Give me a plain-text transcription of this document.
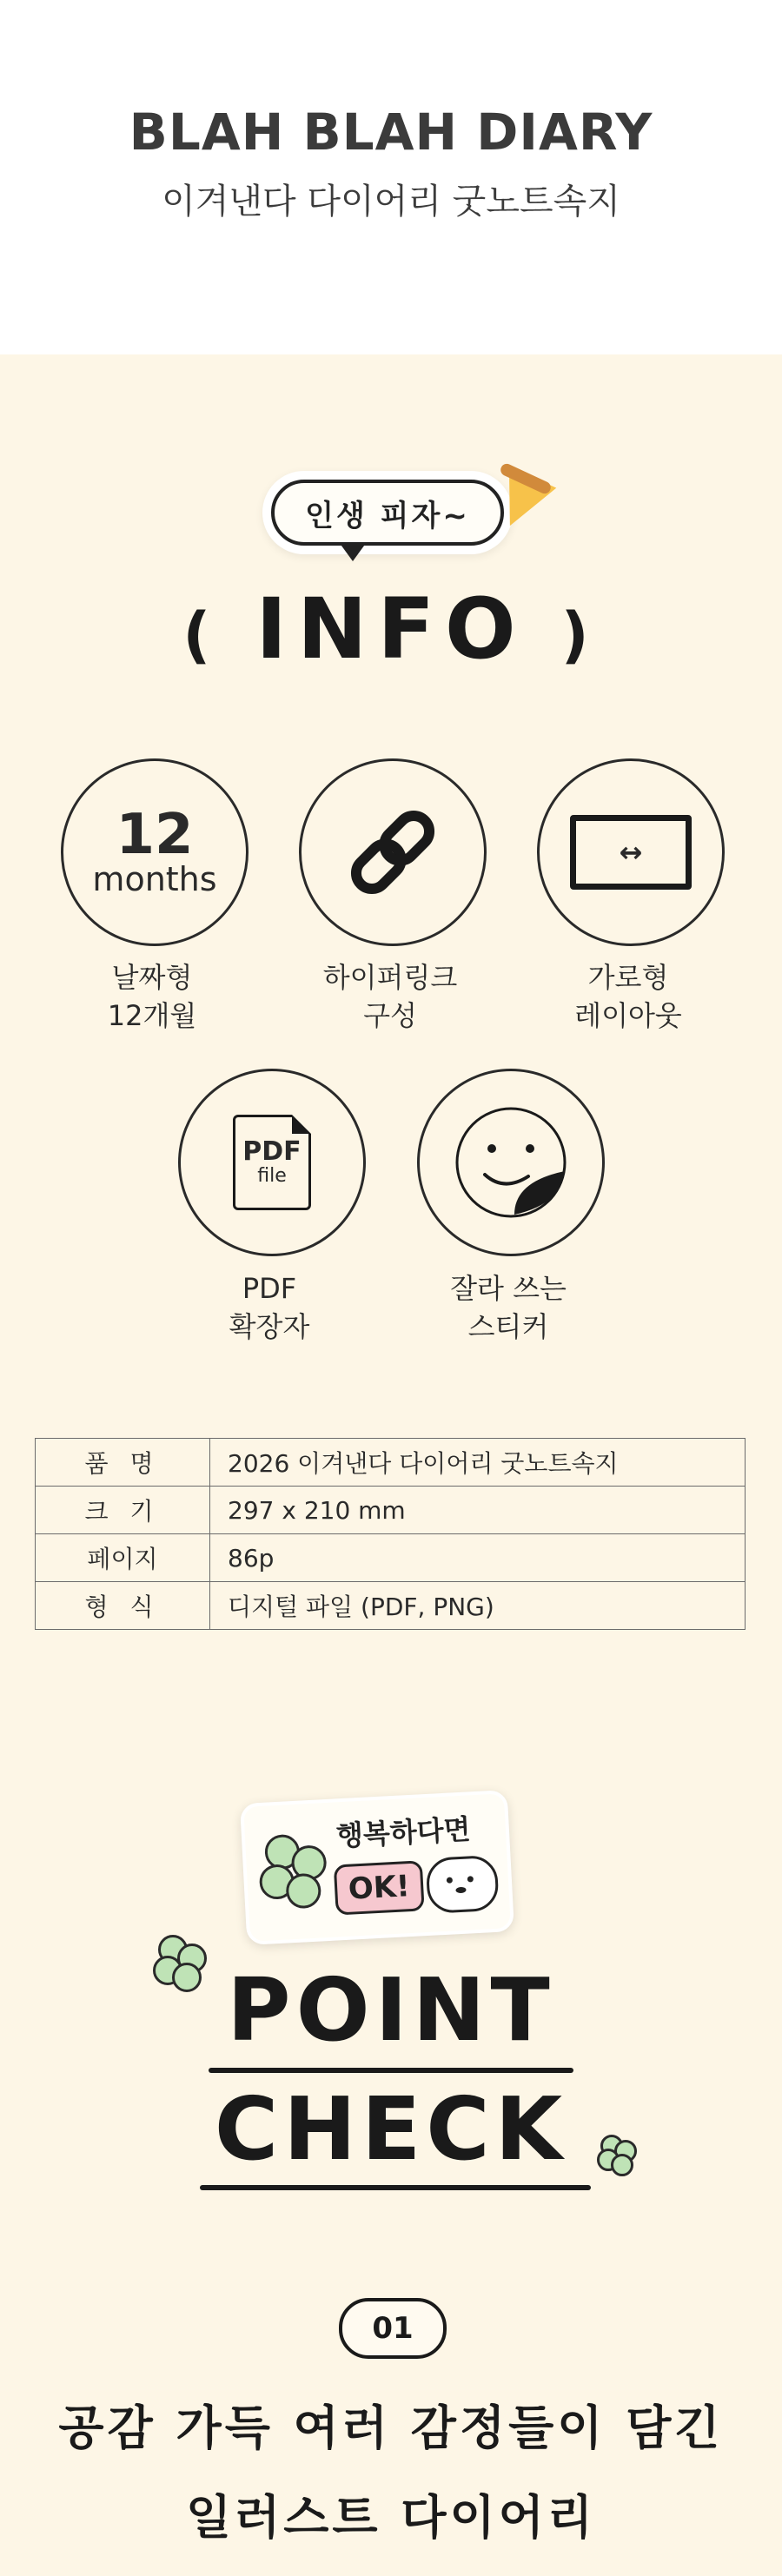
BLAH BLAH DIARY
이겨낸다 다이어리 굿노트속지
인생 피자~
( INFO )
12
months
날짜형
12개월
하이퍼링크
구성
↔
가로형
레이아웃
PDF
file
PDF
확장자
잘라 쓰는
스티커
품 명	2026 이겨낸다 다이어리 굿노트속지
크 기	297 x 210 mm
페이지	86p
형 식	디지털 파일 (PDF, PNG)
행복하다면
OK!
POINT
CHECK
01
공감 가득 여러 감정들이 담긴
일러스트 다이어리
